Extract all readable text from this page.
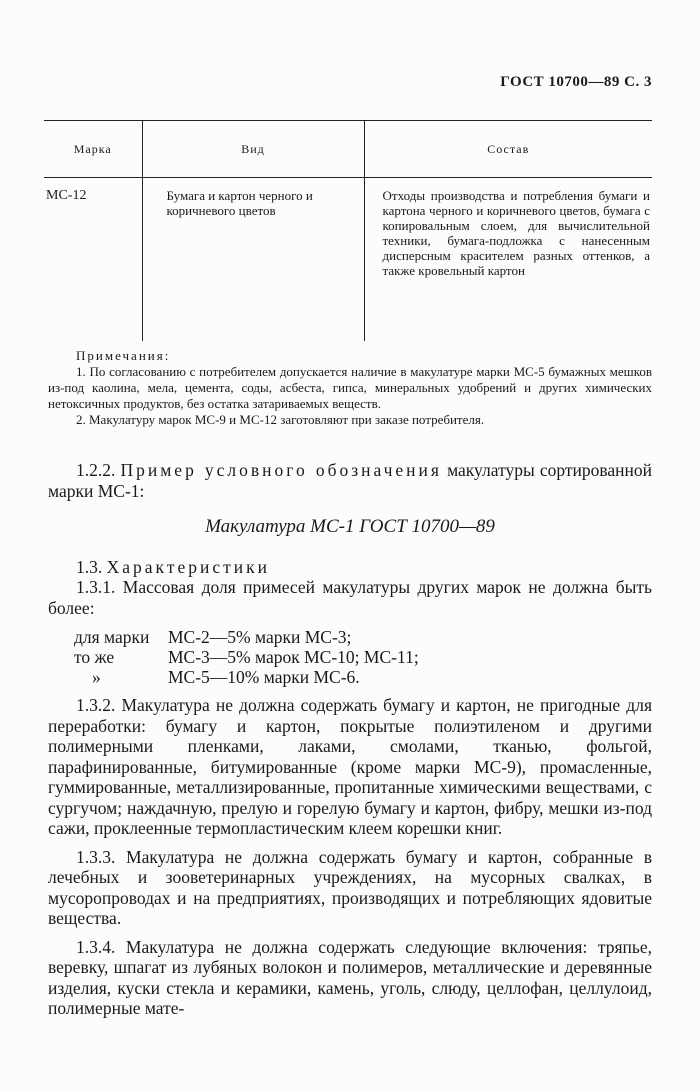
ГОСТ 10700—89 С. 3
Марка	Вид	Состав
МС-12	Бумага и картон черного и коричневого цветов	Отходы производства и потребления бумаги и картона черного и коричневого цветов, бумага с копировальным слоем, для вычислительной техники, бумага-подложка с нанесенным дисперсным красителем разных оттенков, а также кровельный картон
Примечания:

1. По согласованию с потребителем допускается наличие в макулатуре марки МС-5 бумажных мешков из-под каолина, мела, цемента, соды, асбеста, гипса, минеральных удобрений и других химических нетоксичных продуктов, без остатка затариваемых веществ.

2. Макулатуру марок МС-9 и МС-12 заготовляют при заказе потребителя.

1.2.2. Пример условного обозначения макулатуры сортированной марки МС-1:

Макулатура МС-1 ГОСТ 10700—89

1.3. Характеристики

1.3.1. Массовая доля примесей макулатуры других марок не должна быть более:

для марки	МС-2—5% марки МС-3;
то же	МС-3—5% марок МС-10; МС-11;
»	МС-5—10% марки МС-6.

1.3.2. Макулатура не должна содержать бумагу и картон, не пригодные для переработки: бумагу и картон, покрытые полиэтиленом и другими полимерными пленками, лаками, смолами, тканью, фольгой, парафинированные, битумированные (кроме марки МС-9), промасленные, гуммированные, металлизированные, пропитанные химическими веществами, с сургучом; наждачную, прелую и горелую бумагу и картон, фибру, мешки из-под сажи, проклеенные термопластическим клеем корешки книг.

1.3.3. Макулатура не должна содержать бумагу и картон, собранные в лечебных и зооветеринарных учреждениях, на мусорных свалках, в мусоропроводах и на предприятиях, производящих и потребляющих ядовитые вещества.

1.3.4. Макулатура не должна содержать следующие включения: тряпье, веревку, шпагат из лубяных волокон и полимеров, металлические и деревянные изделия, куски стекла и керамики, камень, уголь, слюду, целлофан, целлулоид, полимерные мате-
